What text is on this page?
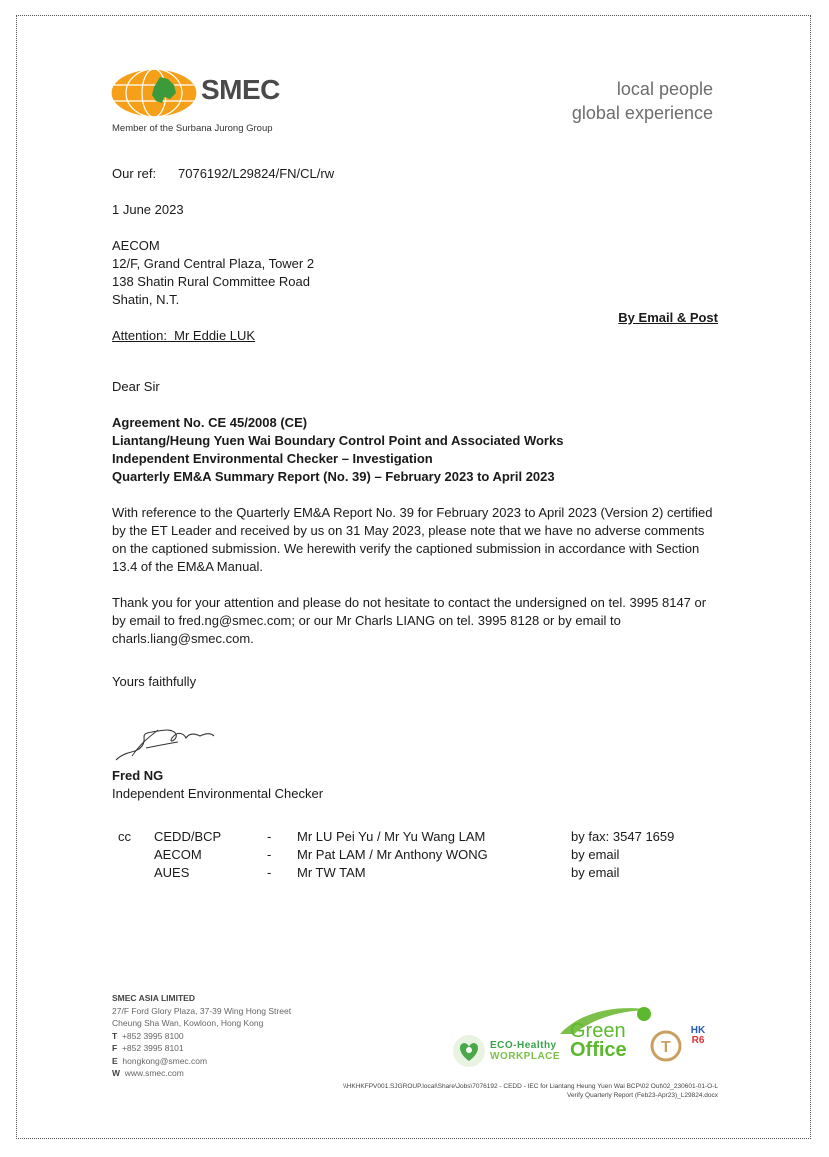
SMEC
Member of the Surbana Jurong Group
local people
global experience
Our ref: 7076192/L29824/FN/CL/rw
1 June 2023
AECOM
12/F, Grand Central Plaza, Tower 2
138 Shatin Rural Committee Road
Shatin, N.T.
By Email & Post
Attention:  Mr Eddie LUK
Dear Sir
Agreement No. CE 45/2008 (CE)
Liantang/Heung Yuen Wai Boundary Control Point and Associated Works
Independent Environmental Checker – Investigation
Quarterly EM&A Summary Report (No. 39) – February 2023 to April 2023
With reference to the Quarterly EM&A Report No. 39 for February 2023 to April 2023 (Version 2) certified by the ET Leader and received by us on 31 May 2023, please note that we have no adverse comments on the captioned submission. We herewith verify the captioned submission in accordance with Section 13.4 of the EM&A Manual.
Thank you for your attention and please do not hesitate to contact the undersigned on tel. 3995 8147 or by email to fred.ng@smec.com; or our Mr Charls LIANG on tel. 3995 8128 or by email to charls.liang@smec.com.
Yours faithfully
Fred NG
Independent Environmental Checker
cc CEDD/BCP	- Mr LU Pei Yu / Mr Yu Wang LAM	by fax: 3547 1659
AECOM	- Mr Pat LAM / Mr Anthony WONG	by email
AUES	- Mr TW TAM	by email
SMEC ASIA LIMITED
27/F Ford Glory Plaza, 37-39 Wing Hong Street
Cheung Sha Wan, Kowloon, Hong Kong
T +852 3995 8100
F +852 3995 8101
E hongkong@smec.com
W www.smec.com
ECO-Healthy
WORKPLACE
Green
Office T
HK
R6
\\HKHKFPV001.SJGROUP.local\Share\Jobs\7076192 - CEDD - IEC for Liantang Heung Yuen Wai BCP\02 Out\02_230601-01-O-L
Verify Quarterly Report (Feb23-Apr23)_L29824.docx
